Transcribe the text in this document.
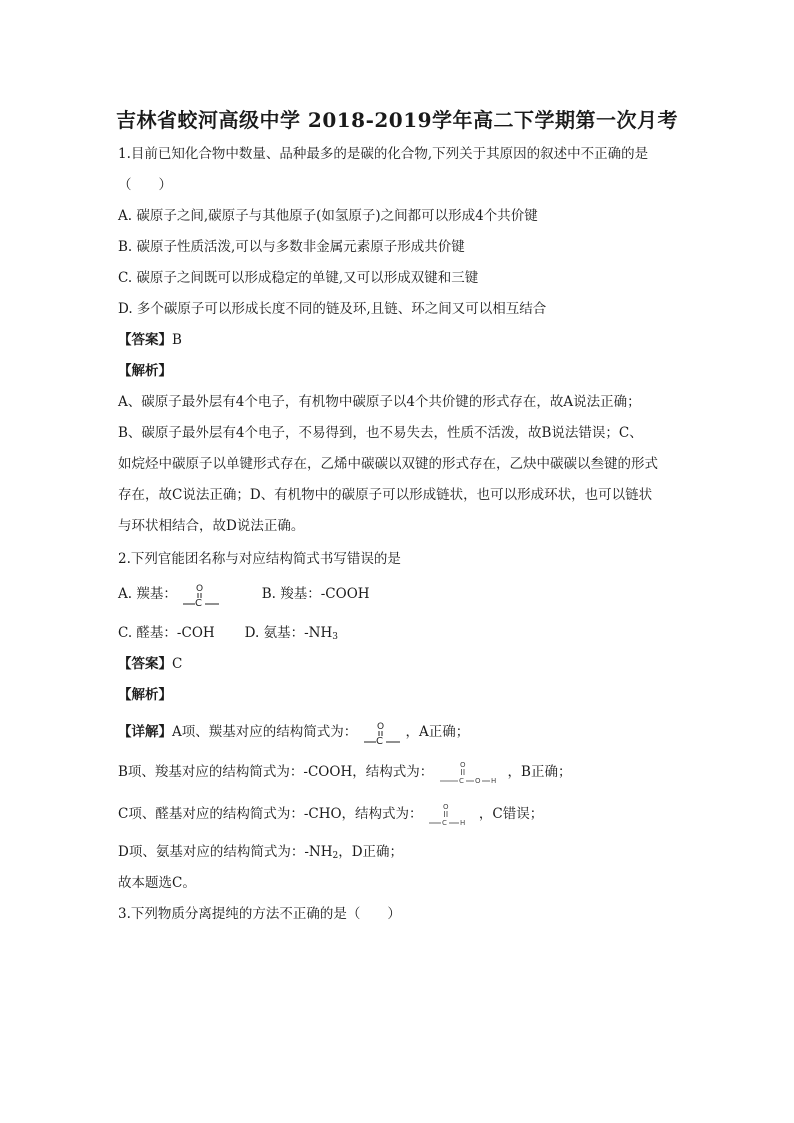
吉林省蛟河高级中学 2018-2019学年高二下学期第一次月考
1.目前已知化合物中数量、品种最多的是碳的化合物,下列关于其原因的叙述中不正确的是
（　　）
A. 碳原子之间,碳原子与其他原子(如氢原子)之间都可以形成4个共价键
B. 碳原子性质活泼,可以与多数非金属元素原子形成共价键
C. 碳原子之间既可以形成稳定的单键,又可以形成双键和三键
D. 多个碳原子可以形成长度不同的链及环,且链、环之间又可以相互结合
【答案】B
【解析】
A、碳原子最外层有4个电子，有机物中碳原子以4个共价键的形式存在，故A说法正确；
B、碳原子最外层有4个电子，不易得到，也不易失去，性质不活泼，故B说法错误；C、
如烷烃中碳原子以单键形式存在，乙烯中碳碳以双键的形式存在，乙炔中碳碳以叁键的形式
存在，故C说法正确；D、有机物中的碳原子可以形成链状，也可以形成环状，也可以链状
与环状相结合，故D说法正确。
2.下列官能团名称与对应结构简式书写错误的是
A. 羰基： O
C
B. 羧基：-COOH
C. 醛基：-COH D. 氨基：$-NH_3$
【答案】C
【解析】
【详解】A项、羰基对应的结构简式为： O
C
，A正确；
B项、羧基对应的结构简式为：-COOH，结构式为：	O
C O H
，B正确；
C项、醛基对应的结构简式为：-CHO，结构式为：	O
C H
，C错误；
D项、氨基对应的结构简式为：$-NH_2$，D正确；
故本题选C。
3.下列物质分离提纯的方法不正确的是（　　）
